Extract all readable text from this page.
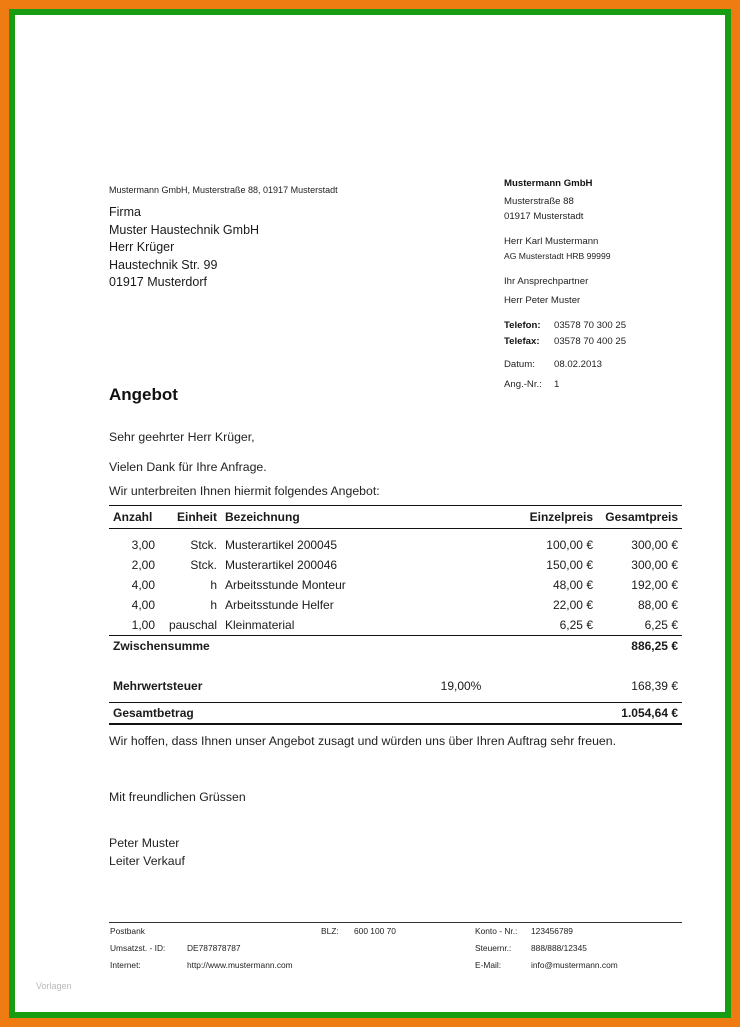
Mustermann GmbH, Musterstraße 88, 01917 Musterstadt
Firma
Muster Haustechnik GmbH
Herr Krüger
Haustechnik Str. 99
01917 Musterdorf
Mustermann GmbH
Musterstraße 88
01917 Musterstadt
Herr Karl Mustermann
AG Musterstadt HRB 99999
Ihr Ansprechpartner
Herr Peter Muster
Telefon: 03578 70 300 25
Telefax: 03578 70 400 25
Datum: 08.02.2013
Ang.-Nr.: 1
Angebot
Sehr geehrter Herr Krüger,
Vielen Dank für Ihre Anfrage.
Wir unterbreiten Ihnen hiermit folgendes Angebot:
Anzahl	Einheit	Bezeichnung		Einzelpreis	Gesamtpreis

3,00	Stck.	Musterartikel 200045		100,00 €	300,00 €
2,00	Stck.	Musterartikel 200046		150,00 €	300,00 €
4,00	h	Arbeitsstunde Monteur		48,00 €	192,00 €
4,00	h	Arbeitsstunde Helfer		22,00 €	88,00 €
1,00	pauschal	Kleinmaterial		6,25 €	6,25 €
Zwischensumme					886,25 €

Mehrwertsteuer			19,00%		168,39 €

Gesamtbetrag					1.054,64 €
Wir hoffen, dass Ihnen unser Angebot zusagt und würden uns über Ihren Auftrag sehr freuen.
Mit freundlichen Grüssen
Peter Muster
Leiter Verkauf
Postbank	BLZ: 600 100 70	Konto - Nr.: 123456789
Umsatzst. - ID:	DE787878787	Steuernr.: 888/888/12345
Internet:	http://www.mustermann.com	E-Mail:	info@mustermann.com
Vorlagen
